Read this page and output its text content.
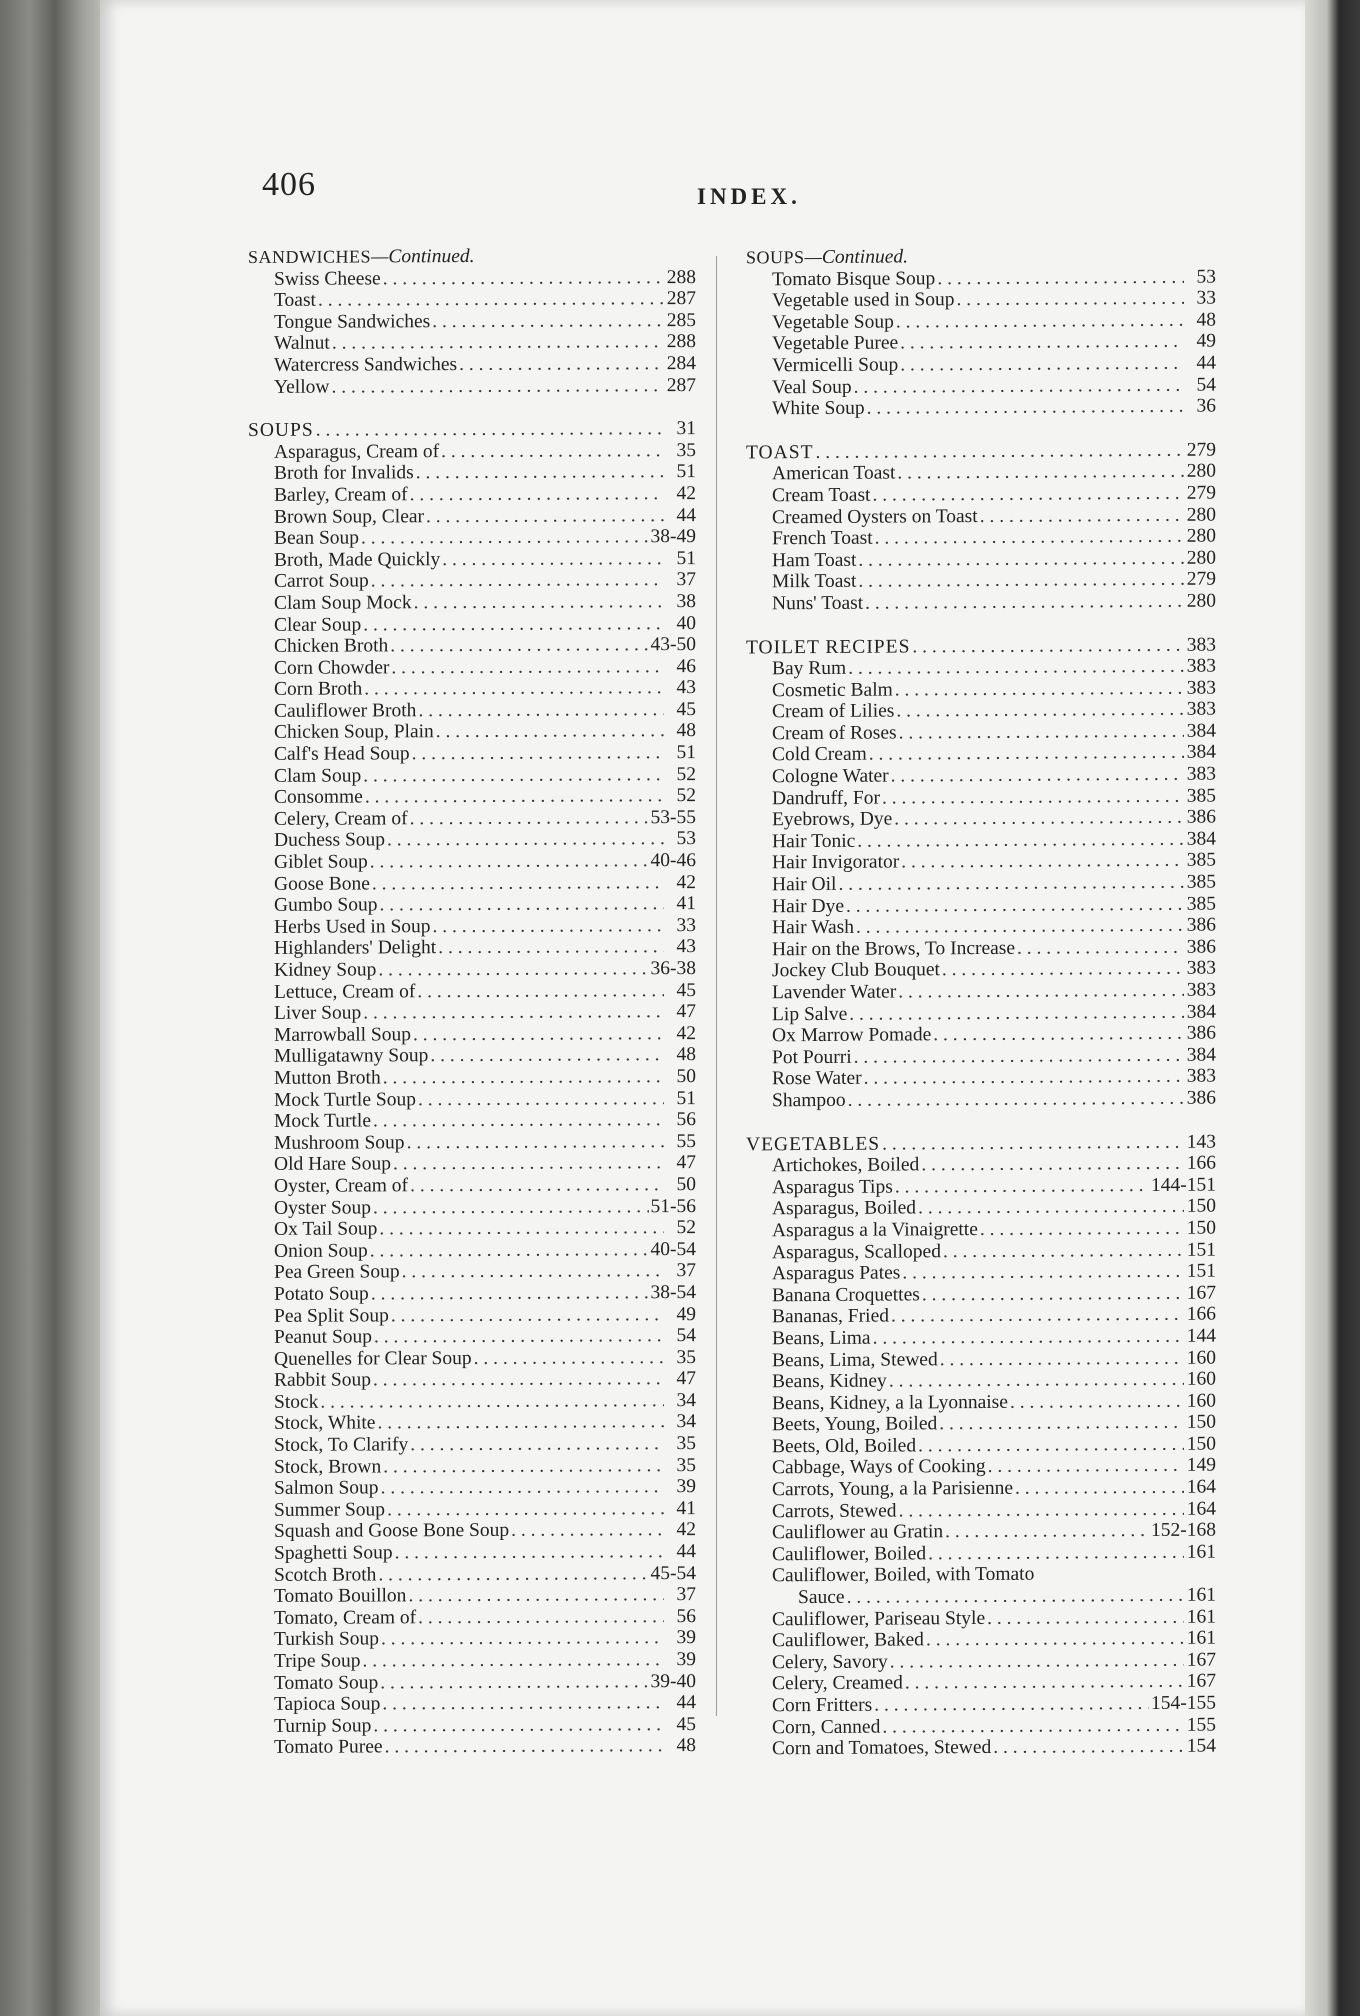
406	INDEX.
SANDWICHES—Continued.
Swiss Cheese . . .	288
Toast . . .	287
Tongue Sandwiches . . .	285
Walnut . . .	288
Watercress Sandwiches . . .	284
Yellow . . .	287
SOUPS . . .	31
Asparagus, Cream of . . .	35
Broth for Invalids . . .	51
Barley, Cream of . . .	42
Brown Soup, Clear . . .	44
Bean Soup . . .	38-49
Broth, Made Quickly . . .	51
Carrot Soup . . .	37
Clam Soup Mock . . .	38
Clear Soup . . .	40
Chicken Broth . . .	43-50
Corn Chowder . . .	46
Corn Broth . . .	43
Cauliflower Broth . . .	45
Chicken Soup, Plain . . .	48
Calf's Head Soup . . .	51
Clam Soup . . .	52
Consomme . . .	52
Celery, Cream of . . .	53-55
Duchess Soup . . .	53
Giblet Soup . . .	40-46
Goose Bone . . .	42
Gumbo Soup . . .	41
Herbs Used in Soup . . .	33
Highlanders' Delight . . .	43
Kidney Soup . . .	36-38
Lettuce, Cream of . . .	45
Liver Soup . . .	47
Marrowball Soup . . .	42
Mulligatawny Soup . . .	48
Mutton Broth . . .	50
Mock Turtle Soup . . .	51
Mock Turtle . . .	56
Mushroom Soup . . .	55
Old Hare Soup . . .	47
Oyster, Cream of . . .	50
Oyster Soup . . .	51-56
Ox Tail Soup . . .	52
Onion Soup . . .	40-54
Pea Green Soup . . .	37
Potato Soup . . .	38-54
Pea Split Soup . . .	49
Peanut Soup . . .	54
Quenelles for Clear Soup . . .	35
Rabbit Soup . . .	47
Stock . . .	34
Stock, White . . .	34
Stock, To Clarify . . .	35
Stock, Brown . . .	35
Salmon Soup . . .	39
Summer Soup . . .	41
Squash and Goose Bone Soup . . .	42
Spaghetti Soup . . .	44
Scotch Broth . . .	45-54
Tomato Bouillon . . .	37
Tomato, Cream of . . .	56
Turkish Soup . . .	39
Tripe Soup . . .	39
Tomato Soup . . .	39-40
Tapioca Soup . . .	44
Turnip Soup . . .	45
Tomato Puree . . .	48
SOUPS—Continued.
Tomato Bisque Soup . . .	53
Vegetable used in Soup . . .	33
Vegetable Soup . . .	48
Vegetable Puree . . .	49
Vermicelli Soup . . .	44
Veal Soup . . .	54
White Soup . . .	36
TOAST . . .	279
American Toast . . .	280
Cream Toast . . .	279
Creamed Oysters on Toast . . .	280
French Toast . . .	280
Ham Toast . . .	280
Milk Toast . . .	279
Nuns' Toast . . .	280
TOILET RECIPES . . .	383
Bay Rum . . .	383
Cosmetic Balm . . .	383
Cream of Lilies . . .	383
Cream of Roses . . .	384
Cold Cream . . .	384
Cologne Water . . .	383
Dandruff, For . . .	385
Eyebrows, Dye . . .	386
Hair Tonic . . .	384
Hair Invigorator . . .	385
Hair Oil . . .	385
Hair Dye . . .	385
Hair Wash . . .	386
Hair on the Brows, To Increase . . .	386
Jockey Club Bouquet . . .	383
Lavender Water . . .	383
Lip Salve . . .	384
Ox Marrow Pomade . . .	386
Pot Pourri . . .	384
Rose Water . . .	383
Shampoo . . .	386
VEGETABLES . . .	143
Artichokes, Boiled . . .	166
Asparagus Tips . . .	144-151
Asparagus, Boiled . . .	150
Asparagus a la Vinaigrette . . .	150
Asparagus, Scalloped . . .	151
Asparagus Pates . . .	151
Banana Croquettes . . .	167
Bananas, Fried . . .	166
Beans, Lima . . .	144
Beans, Lima, Stewed . . .	160
Beans, Kidney . . .	160
Beans, Kidney, a la Lyonnaise . . .	160
Beets, Young, Boiled . . .	150
Beets, Old, Boiled . . .	150
Cabbage, Ways of Cooking . . .	149
Carrots, Young, a la Parisienne . . .	164
Carrots, Stewed . . .	164
Cauliflower au Gratin . . .	152-168
Cauliflower, Boiled . . .	161
Cauliflower, Boiled, with Tomato
Sauce . . .	161
Cauliflower, Pariseau Style . . .	161
Cauliflower, Baked . . .	161
Celery, Savory . . .	167
Celery, Creamed . . .	167
Corn Fritters . . .	154-155
Corn, Canned . . .	155
Corn and Tomatoes, Stewed . . .	154
